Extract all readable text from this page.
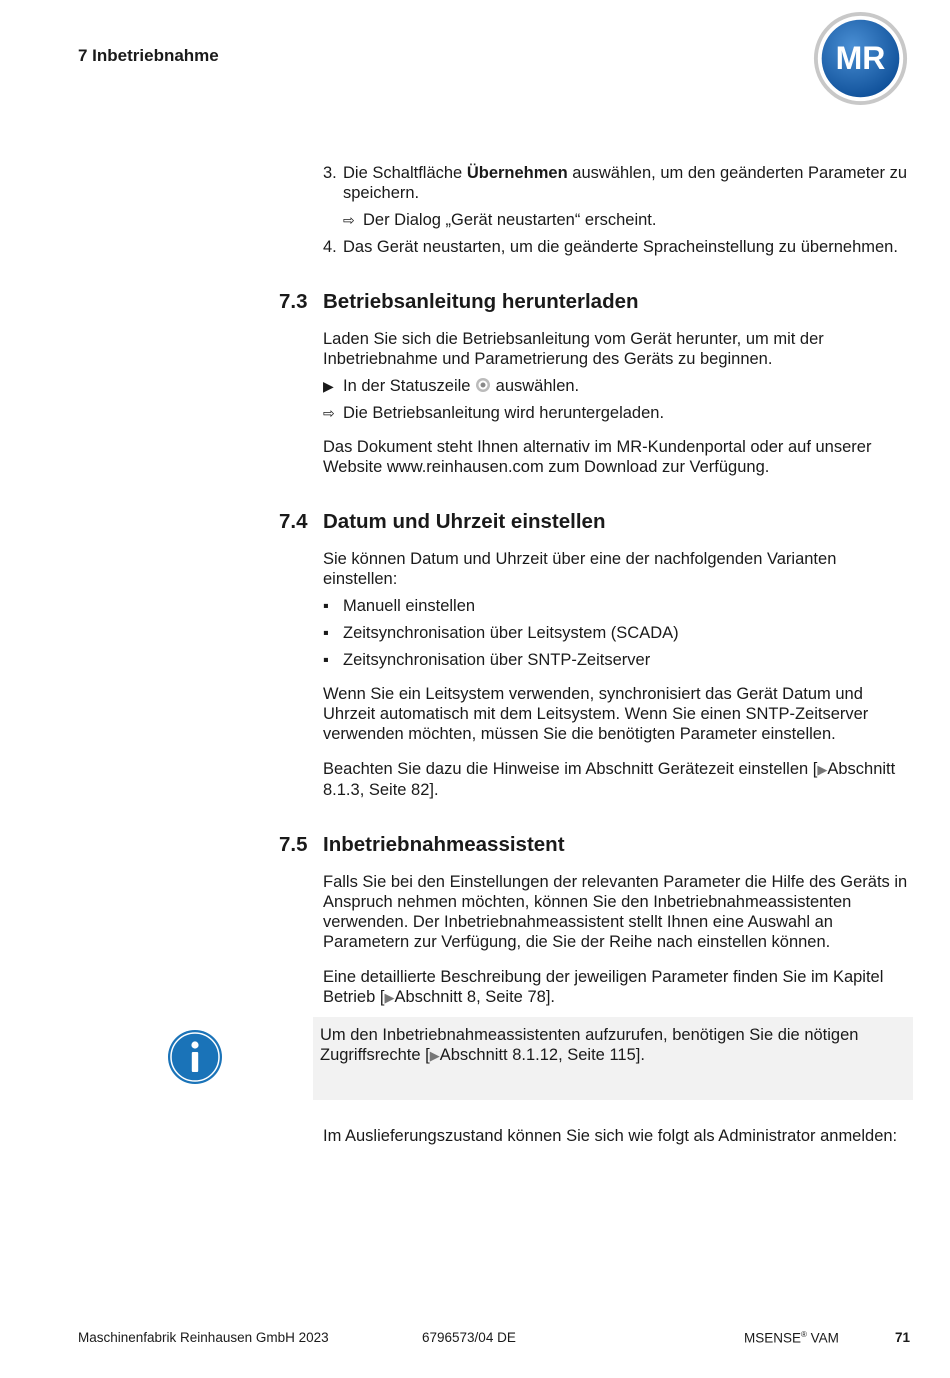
7 Inbetriebnahme	MR
3. Die Schaltfläche Übernehmen auswählen, um den geänderten Parameter zu speichern.
⇨ Der Dialog „Gerät neustarten“ erscheint.
4. Das Gerät neustarten, um die geänderte Spracheinstellung zu übernehmen.
7.3 Betriebsanleitung herunterladen

Laden Sie sich die Betriebsanleitung vom Gerät herunter, um mit der Inbetriebnahme und Parametrierung des Geräts zu beginnen.

▶ In der Statuszeile  auswählen.
⇨ Die Betriebsanleitung wird heruntergeladen.

Das Dokument steht Ihnen alternativ im MR-Kundenportal oder auf unserer Website www.reinhausen.com zum Download zur Verfügung.

7.4 Datum und Uhrzeit einstellen

Sie können Datum und Uhrzeit über eine der nachfolgenden Varianten einstellen:

▪ Manuell einstellen
▪ Zeitsynchronisation über Leitsystem (SCADA)
▪ Zeitsynchronisation über SNTP-Zeitserver

Wenn Sie ein Leitsystem verwenden, synchronisiert das Gerät Datum und Uhrzeit automatisch mit dem Leitsystem. Wenn Sie einen SNTP-Zeitserver verwenden möchten, müssen Sie die benötigten Parameter einstellen.

Beachten Sie dazu die Hinweise im Abschnitt Gerätezeit einstellen [▶Abschnitt 8.1.3, Seite 82].

7.5 Inbetriebnahmeassistent

Falls Sie bei den Einstellungen der relevanten Parameter die Hilfe des Geräts in Anspruch nehmen möchten, können Sie den Inbetriebnahmeassistenten verwenden. Der Inbetriebnahmeassistent stellt Ihnen eine Auswahl an Parametern zur Verfügung, die Sie der Reihe nach einstellen können.

Eine detaillierte Beschreibung der jeweiligen Parameter finden Sie im Kapitel Betrieb [▶Abschnitt 8, Seite 78].

Um den Inbetriebnahmeassistenten aufzurufen, benötigen Sie die nötigen Zugriffsrechte [▶Abschnitt 8.1.12, Seite 115].

Im Auslieferungszustand können Sie sich wie folgt als Administrator anmelden:

Maschinenfabrik Reinhausen GmbH 2023	6796573/04 DE	MSENSE® VAM	71
